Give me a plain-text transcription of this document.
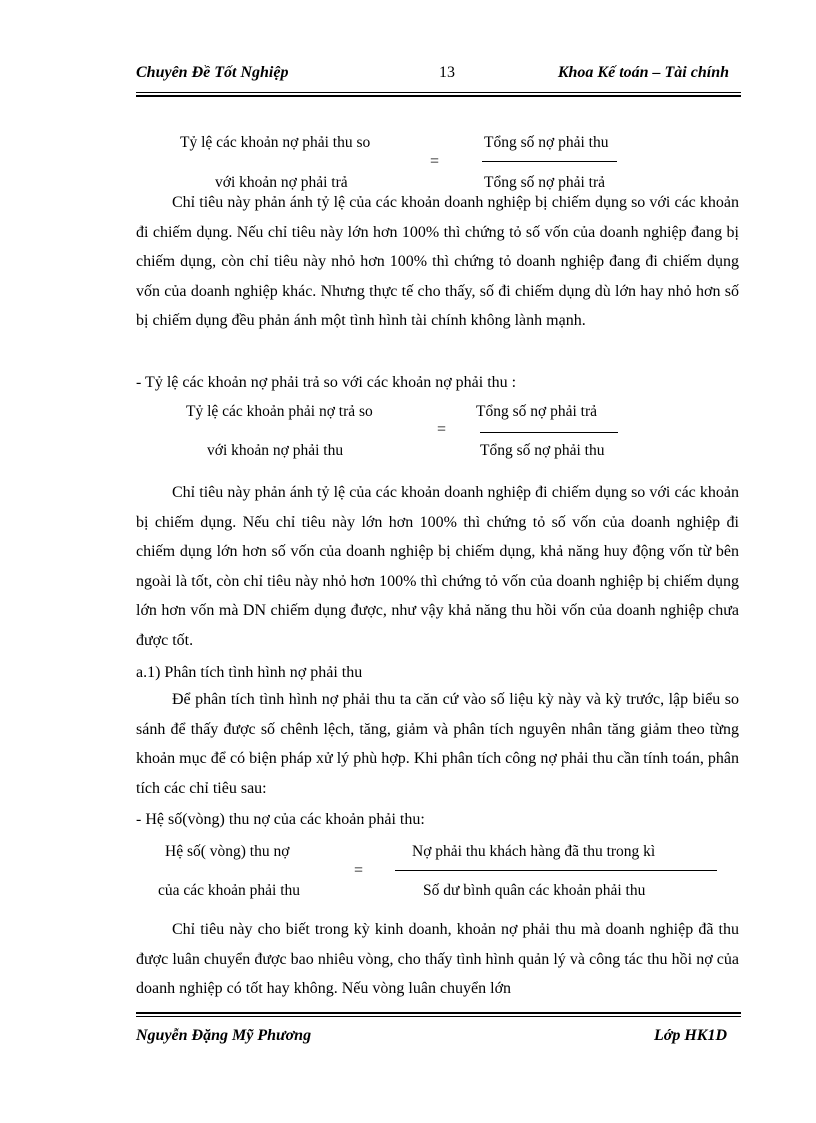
Chuyên Đề Tốt Nghiệp	13	Khoa Kế toán – Tài chính
Tỷ lệ các khoản nợ phải thu so
với khoản nợ phải trả
=
Tổng số nợ phải thu
Tổng số nợ phải trả

Chỉ tiêu này phản ánh tỷ lệ của các khoản doanh nghiệp bị chiếm dụng so với các khoản đi chiếm dụng. Nếu chỉ tiêu này lớn hơn 100% thì chứng tỏ số vốn của doanh nghiệp đang bị chiếm dụng, còn chỉ tiêu này nhỏ hơn 100% thì chứng tỏ doanh nghiệp đang đi chiếm dụng vốn của doanh nghiệp khác. Nhưng thực tế cho thấy, số đi chiếm dụng dù lớn hay nhỏ hơn số bị chiếm dụng đều phản ánh một tình hình tài chính không lành mạnh.

- Tỷ lệ các khoản nợ phải trả so với các khoản nợ phải thu :
Tỷ lệ các khoản phải nợ trả so
với khoản nợ phải thu
=
Tổng số nợ phải trả
Tổng số nợ phải thu

Chỉ tiêu này phản ánh tỷ lệ của các khoản doanh nghiệp đi chiếm dụng so với các khoản bị chiếm dụng. Nếu chỉ tiêu này lớn hơn 100% thì chứng tỏ số vốn của doanh nghiệp đi chiếm dụng lớn hơn số vốn của doanh nghiệp bị chiếm dụng, khả năng huy động vốn từ bên ngoài là tốt, còn chỉ tiêu này nhỏ hơn 100% thì chứng tỏ vốn của doanh nghiệp bị chiếm dụng lớn hơn vốn mà DN chiếm dụng được, như vậy khả năng thu hồi vốn của doanh nghiệp chưa được tốt.

a.1) Phân tích tình hình nợ phải thu

Để phân tích tình hình nợ phải thu ta căn cứ vào số liệu kỳ này và kỳ trước, lập biểu so sánh để thấy được số chênh lệch, tăng, giảm và phân tích nguyên nhân tăng giảm theo từng khoản mục để có biện pháp xử lý phù hợp. Khi phân tích công nợ phải thu cần tính toán, phân tích các chỉ tiêu sau:

- Hệ số(vòng) thu nợ của các khoản phải thu:
Hệ số( vòng) thu nợ
của các khoản phải thu
=
Nợ phải thu khách hàng đã thu trong kì
Số dư bình quân các khoản phải thu

Chỉ tiêu này cho biết trong kỳ kinh doanh, khoản nợ phải thu mà doanh nghiệp đã thu được luân chuyển được bao nhiêu vòng, cho thấy tình hình quản lý và công tác thu hồi nợ của doanh nghiệp có tốt hay không. Nếu vòng luân chuyển lớn

Nguyễn Đặng Mỹ Phương	Lớp HK1D
